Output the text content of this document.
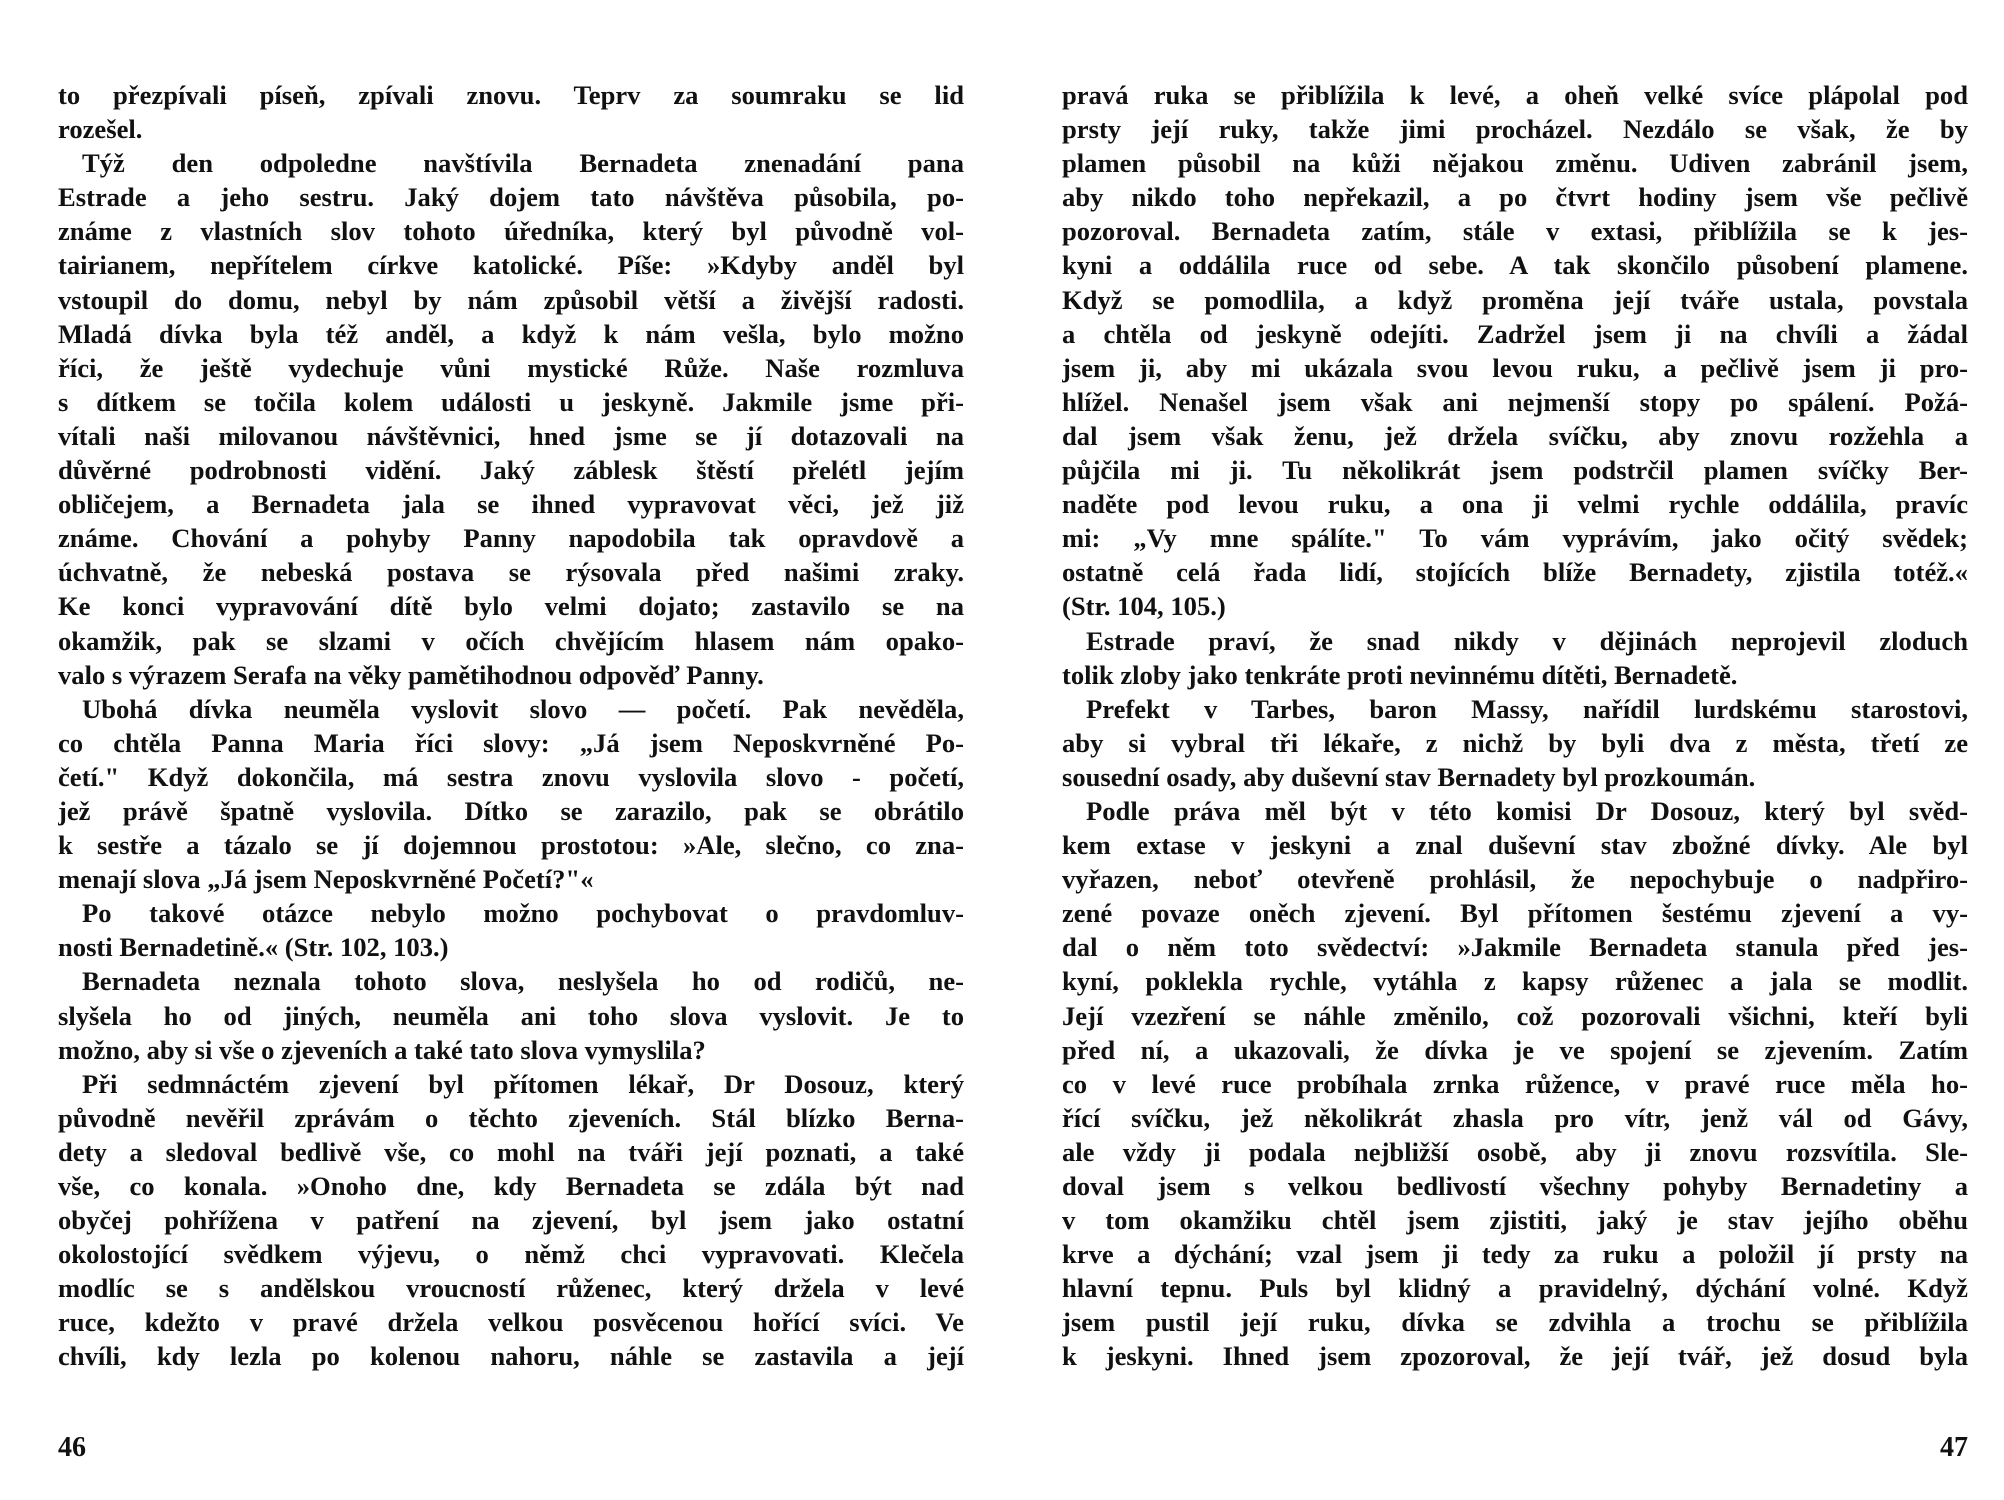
to přezpívali píseň, zpívali znovu. Teprv za soumraku se lid
rozešel.
Týž den odpoledne navštívila Bernadeta znenadání pana
Estrade a jeho sestru. Jaký dojem tato návštěva působila, po-
známe z vlastních slov tohoto úředníka, který byl původně vol-
tairianem, nepřítelem církve katolické. Píše: »Kdyby anděl byl
vstoupil do domu, nebyl by nám způsobil větší a živější radosti.
Mladá dívka byla též anděl, a když k nám vešla, bylo možno
říci, že ještě vydechuje vůni mystické Růže. Naše rozmluva
s dítkem se točila kolem události u jeskyně. Jakmile jsme při-
vítali naši milovanou návštěvnici, hned jsme se jí dotazovali na
důvěrné podrobnosti vidění. Jaký záblesk štěstí přelétl jejím
obličejem, a Bernadeta jala se ihned vypravovat věci, jež již
známe. Chování a pohyby Panny napodobila tak opravdově a
úchvatně, že nebeská postava se rýsovala před našimi zraky.
Ke konci vypravování dítě bylo velmi dojato; zastavilo se na
okamžik, pak se slzami v očích chvějícím hlasem nám opako-
valo s výrazem Serafa na věky pamětihodnou odpověď Panny.
Ubohá dívka neuměla vyslovit slovo — početí. Pak nevěděla,
co chtěla Panna Maria říci slovy: „Já jsem Neposkvrněné Po-
četí." Když dokončila, má sestra znovu vyslovila slovo - početí,
jež právě špatně vyslovila. Dítko se zarazilo, pak se obrátilo
k sestře a tázalo se jí dojemnou prostotou: »Ale, slečno, co zna-
menají slova „Já jsem Neposkvrněné Početí?"«
Po takové otázce nebylo možno pochybovat o pravdomluv-
nosti Bernadetině.« (Str. 102, 103.)
Bernadeta neznala tohoto slova, neslyšela ho od rodičů, ne-
slyšela ho od jiných, neuměla ani toho slova vyslovit. Je to
možno, aby si vše o zjeveních a také tato slova vymyslila?
Při sedmnáctém zjevení byl přítomen lékař, Dr Dosouz, který
původně nevěřil zprávám o těchto zjeveních. Stál blízko Berna-
dety a sledoval bedlivě vše, co mohl na tváři její poznati, a také
vše, co konala. »Onoho dne, kdy Bernadeta se zdála být nad
obyčej pohřížena v patření na zjevení, byl jsem jako ostatní
okolostojící svědkem výjevu, o němž chci vypravovati. Klečela
modlíc se s andělskou vroucností růženec, který držela v levé
ruce, kdežto v pravé držela velkou posvěcenou hořící svíci. Ve
chvíli, kdy lezla po kolenou nahoru, náhle se zastavila a její
46
pravá ruka se přiblížila k levé, a oheň velké svíce plápolal pod
prsty její ruky, takže jimi procházel. Nezdálo se však, že by
plamen působil na kůži nějakou změnu. Udiven zabránil jsem,
aby nikdo toho nepřekazil, a po čtvrt hodiny jsem vše pečlivě
pozoroval. Bernadeta zatím, stále v extasi, přiblížila se k jes-
kyni a oddálila ruce od sebe. A tak skončilo působení plamene.
Když se pomodlila, a když proměna její tváře ustala, povstala
a chtěla od jeskyně odejíti. Zadržel jsem ji na chvíli a žádal
jsem ji, aby mi ukázala svou levou ruku, a pečlivě jsem ji pro-
hlížel. Nenašel jsem však ani nejmenší stopy po spálení. Požá-
dal jsem však ženu, jež držela svíčku, aby znovu rozžehla a
půjčila mi ji. Tu několikrát jsem podstrčil plamen svíčky Ber-
naděte pod levou ruku, a ona ji velmi rychle oddálila, pravíc
mi: „Vy mne spálíte." To vám vyprávím, jako očitý svědek;
ostatně celá řada lidí, stojících blíže Bernadety, zjistila totéž.«
(Str. 104, 105.)
Estrade praví, že snad nikdy v dějinách neprojevil zloduch
tolik zloby jako tenkráte proti nevinnému dítěti, Bernadetě.
Prefekt v Tarbes, baron Massy, nařídil lurdskému starostovi,
aby si vybral tři lékaře, z nichž by byli dva z města, třetí ze
sousední osady, aby duševní stav Bernadety byl prozkoumán.
Podle práva měl být v této komisi Dr Dosouz, který byl svěd-
kem extase v jeskyni a znal duševní stav zbožné dívky. Ale byl
vyřazen, neboť otevřeně prohlásil, že nepochybuje o nadpřiro-
zené povaze oněch zjevení. Byl přítomen šestému zjevení a vy-
dal o něm toto svědectví: »Jakmile Bernadeta stanula před jes-
kyní, poklekla rychle, vytáhla z kapsy růženec a jala se modlit.
Její vzezření se náhle změnilo, což pozorovali všichni, kteří byli
před ní, a ukazovali, že dívka je ve spojení se zjevením. Zatím
co v levé ruce probíhala zrnka růžence, v pravé ruce měla ho-
řící svíčku, jež několikrát zhasla pro vítr, jenž vál od Gávy,
ale vždy ji podala nejbližší osobě, aby ji znovu rozsvítila. Sle-
doval jsem s velkou bedlivostí všechny pohyby Bernadetiny a
v tom okamžiku chtěl jsem zjistiti, jaký je stav jejího oběhu
krve a dýchání; vzal jsem ji tedy za ruku a položil jí prsty na
hlavní tepnu. Puls byl klidný a pravidelný, dýchání volné. Když
jsem pustil její ruku, dívka se zdvihla a trochu se přiblížila
k jeskyni. Ihned jsem zpozoroval, že její tvář, jež dosud byla
47
